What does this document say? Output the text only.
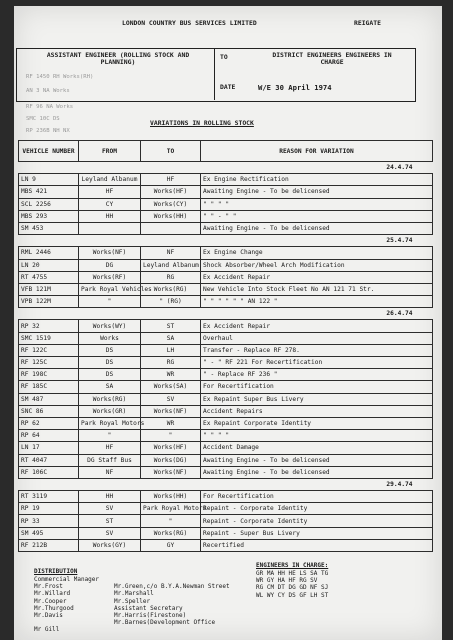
LONDON COUNTRY BUS SERVICES LIMITED	REIGATE
ASSISTANT ENGINEER (ROLLING STOCK AND PLANNING)
TO	DISTRICT ENGINEERS ENGINEERS IN CHARGE
DATE	W/E 30 April 1974
RF 1450 RH Works(RH)
AN 3 NA Works
RF 96 NA Works
SMC 10C DS
RP 236B NH NX
VARIATIONS IN ROLLING STOCK
VEHICLE NUMBER	FROM	TO	REASON FOR VARIATION
24.4.74			
LN 9	Leyland Albanum	HF	Ex Engine Rectification
MBS 421	HF	Works(HF)	Awaiting Engine - To be delicensed
SCL 2256	CY	Works(CY)	" " " "
MBS 293	HH	Works(HH)	" " - " "
SM 453			Awaiting Engine - To be delicensed
25.4.74			
RML 2446	Works(NF)	NF	Ex Engine Change
LN 20	DG	Leyland Albanum	Shock Absorber/Wheel Arch Modification
RT 4755	Works(RF)	RG	Ex Accident Repair
VFB 121M	Park Royal Vehicles	Works(RG)	New Vehicle Into Stock Fleet No AN 121 71 Str.
VPB 122M	"	" (RG)	" " " " " " AN 122 "
26.4.74			
RP 32	Works(WY)	ST	Ex Accident Repair
SMC 1519	Works	SA	Overhaul
RF 122C	DS	LH	Transfer - Replace RF 278.
RF 125C	DS	RG	" - " RF 221 For Recertification
RF 198C	DS	WR	" - Replace RF 236 "
RF 185C	SA	Works(SA)	For Recertification
SM 487	Works(RG)	SV	Ex Repaint Super Bus Livery
SNC 86	Works(GR)	Works(NF)	Accident Repairs
RP 62	Park Royal Motors	WR	Ex Repaint Corporate Identity
RP 64	"	"	" " " "
LN 17	HF	Works(HF)	Accident Damage
RT 4047	DG Staff Bus	Works(DG)	Awaiting Engine - To be delicensed
RF 106C	NF	Works(NF)	Awaiting Engine - To be delicensed
29.4.74			
RT 3119	HH	Works(HH)	For Recertification
RP 19	SV	Park Royal Motors	Repaint - Corporate Identity
RP 33	ST	"	Repaint - Corporate Identity
SM 495	SV	Works(RG)	Repaint - Super Bus Livery
RF 212B	Works(GY)	GY	Recertified
DISTRIBUTION
Commercial Manager
Mr.Frost
Mr.Willard
Mr.Cooper
Mr.Thurgood
Mr.Davis
Mr Gill
Mr.Green,c/o B.Y.A.Newman Street
Mr.Marshall
Mr.Speller
Assistant Secretary
Mr.Harris(Firestone)
Mr.Barnes(Development Office
ENGINEERS IN CHARGE:
GR MA HH HE LS SA TG
WR GY HA HF RG SV
RG CM DT DG GD NF SJ
WL WY CY DS GF LH ST
